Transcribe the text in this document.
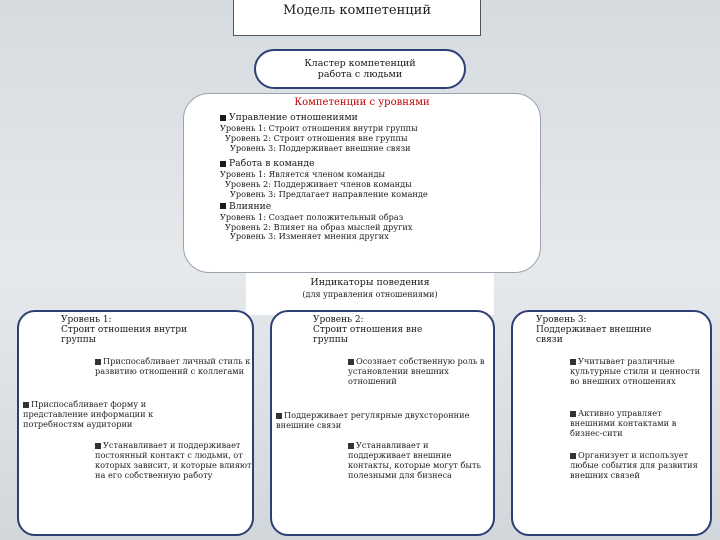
Модель компетенций
Кластер компетенций
работа с людьми
Компетенции с уровнями
Управление отношениями
Уровень 1: Строит отношения внутри группы
Уровень 2: Строит отношения вне группы
Уровень 3: Поддерживает внешние связи
Работа в команде
Уровень 1: Является членом команды
Уровень 2: Поддерживает членов команды
Уровень 3: Предлагает направление команде
Влияние
Уровень 1: Создает положительный образ
Уровень 2: Влияет на образ мыслей других
Уровень 3: Изменяет мнения других
Индикаторы поведения
(для управления отношениями)
Уровень 1:
Строит отношения внутри
группы
Приспосабливает личный стиль к развитию отношений с коллегами
Приспосабливает форму и представление информации к потребностям аудитории
Устанавливает и поддерживает постоянный контакт с людьми, от которых зависит, и которые влияют на его собственную работу
Уровень 2:
Строит отношения вне
группы
Осознает собственную роль в установлении внешних отношений
Поддерживает регулярные двухсторонние внешние связи
Устанавливает и поддерживает внешние контакты, которые могут быть полезными для бизнеса
Уровень 3:
Поддерживает внешние
связи
Учитывает различные культурные стили и ценности во внешних отношениях
Активно управляет внешними контактами в бизнес-сити
Организует и использует любые события для развития внешних связей
